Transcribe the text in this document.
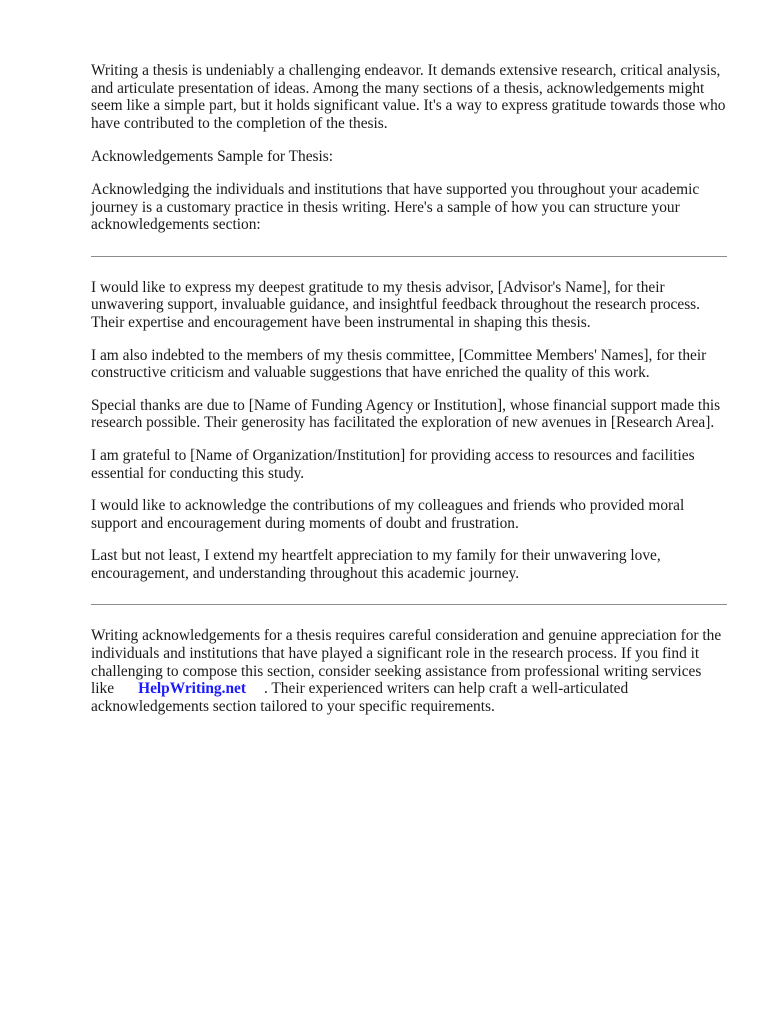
Writing a thesis is undeniably a challenging endeavor. It demands extensive research, critical analysis, and articulate presentation of ideas. Among the many sections of a thesis, acknowledgements might seem like a simple part, but it holds significant value. It's a way to express gratitude towards those who have contributed to the completion of the thesis.

Acknowledgements Sample for Thesis:

Acknowledging the individuals and institutions that have supported you throughout your academic journey is a customary practice in thesis writing. Here's a sample of how you can structure your acknowledgements section:

I would like to express my deepest gratitude to my thesis advisor, [Advisor's Name], for their unwavering support, invaluable guidance, and insightful feedback throughout the research process. Their expertise and encouragement have been instrumental in shaping this thesis.

I am also indebted to the members of my thesis committee, [Committee Members' Names], for their constructive criticism and valuable suggestions that have enriched the quality of this work.

Special thanks are due to [Name of Funding Agency or Institution], whose financial support made this research possible. Their generosity has facilitated the exploration of new avenues in [Research Area].

I am grateful to [Name of Organization/Institution] for providing access to resources and facilities essential for conducting this study.

I would like to acknowledge the contributions of my colleagues and friends who provided moral support and encouragement during moments of doubt and frustration.

Last but not least, I extend my heartfelt appreciation to my family for their unwavering love, encouragement, and understanding throughout this academic journey.

Writing acknowledgements for a thesis requires careful consideration and genuine appreciation for the individuals and institutions that have played a significant role in the research process. If you find it challenging to compose this section, consider seeking assistance from professional writing services like HelpWriting.net . Their experienced writers can help craft a well-articulated acknowledgements section tailored to your specific requirements.
